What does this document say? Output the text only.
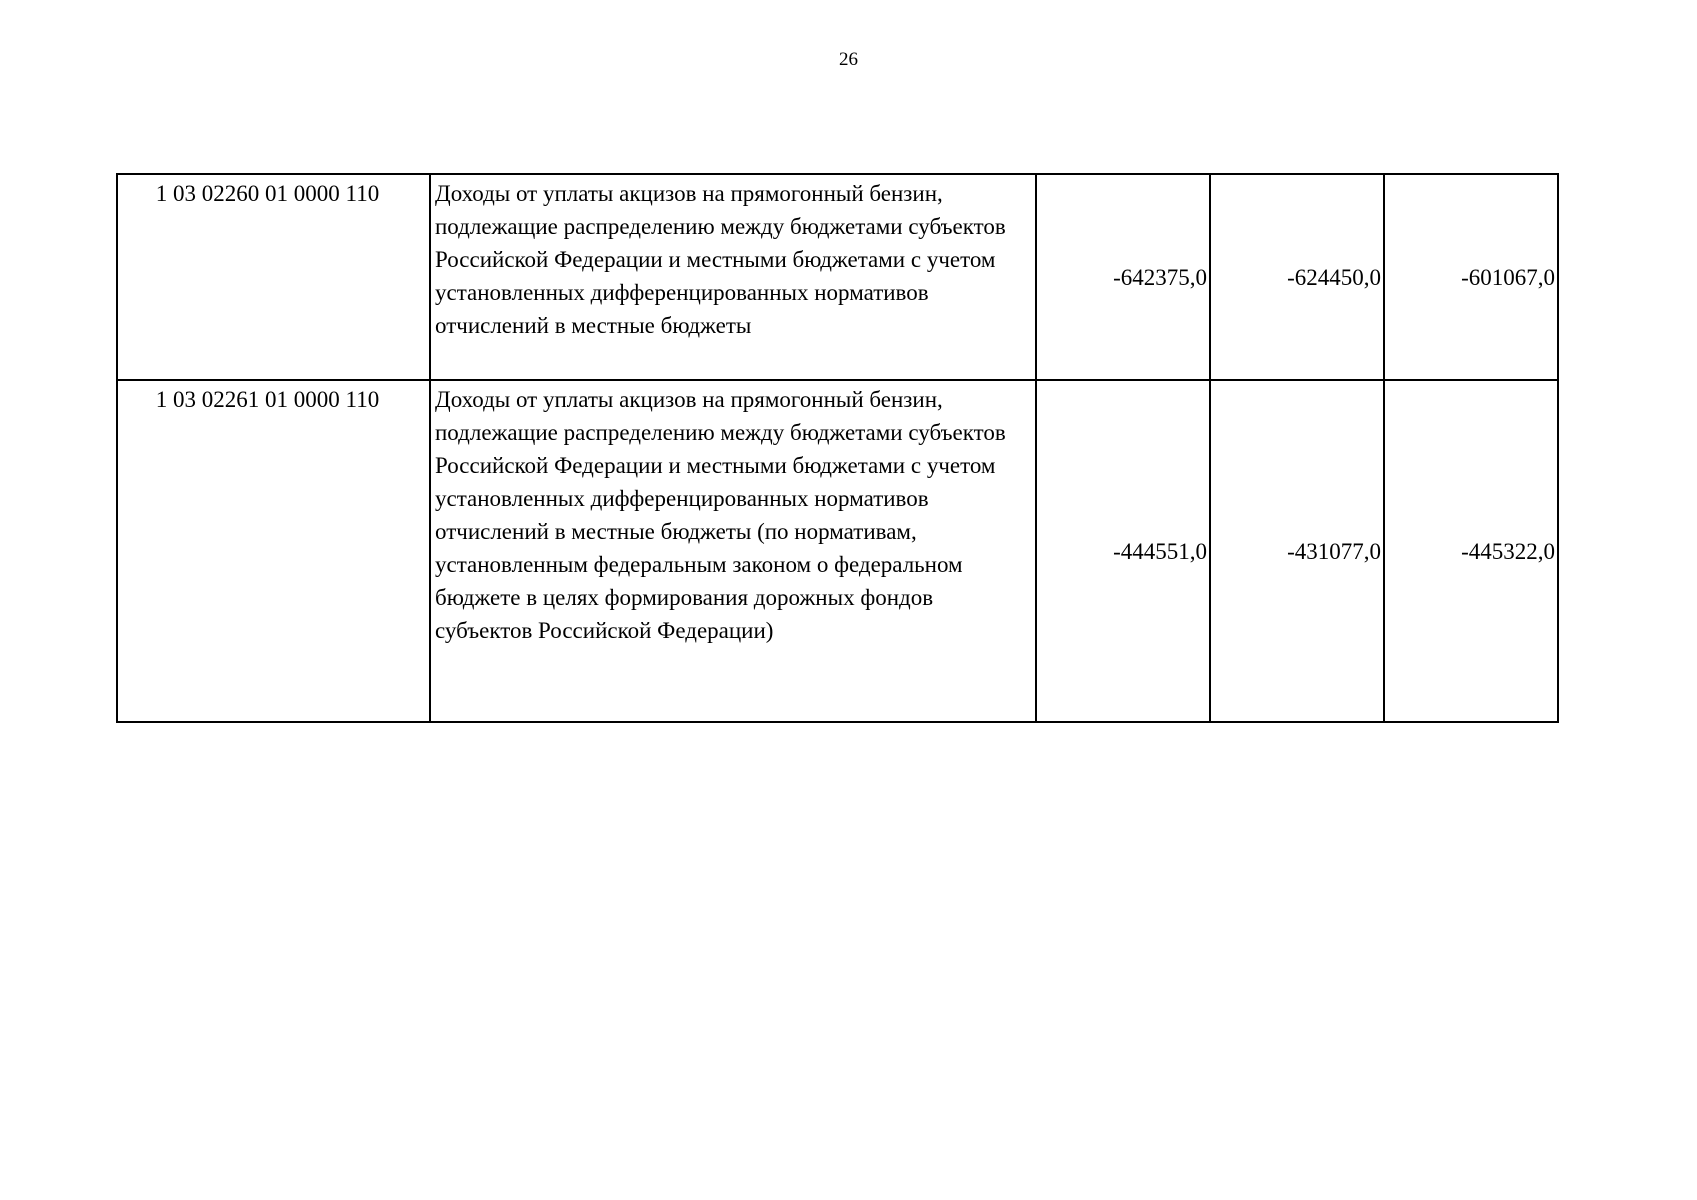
26
1 03 02260 01 0000 110	Доходы от уплаты акцизов на прямогонный бензин, подлежащие распределению между бюджетами субъектов Российской Федерации и местными бюджетами с учетом установленных дифференцированных нормативов отчислений в местные бюджеты	-642375,0	-624450,0	-601067,0

1 03 02261 01 0000 110	Доходы от уплаты акцизов на прямогонный бензин, подлежащие распределению между бюджетами субъектов Российской Федерации и местными бюджетами с учетом установленных дифференцированных нормативов отчислений в местные бюджеты (по нормативам, установленным федеральным законом о федеральном бюджете в целях формирования дорожных фондов субъектов Российской Федерации)	-444551,0	-431077,0	-445322,0
